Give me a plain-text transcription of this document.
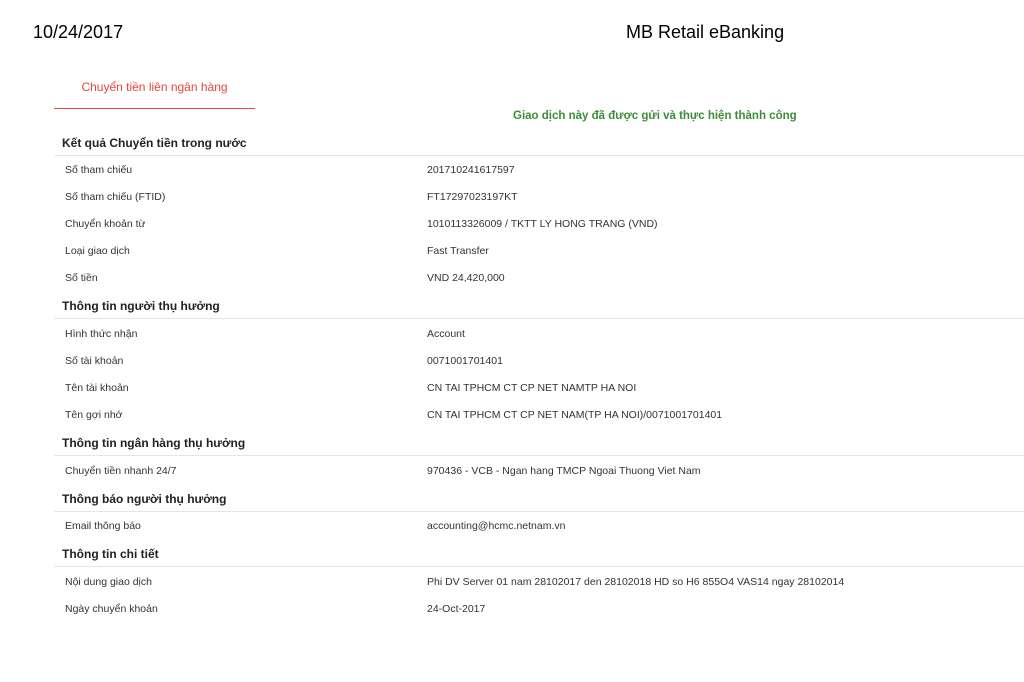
10/24/2017	MB Retail eBanking
Chuyển tiền liên ngân hàng
Giao dịch này đã được gửi và thực hiện thành công
Kết quả Chuyển tiền trong nước
Số tham chiếu	201710241617597
Số tham chiếu (FTID)	FT17297023197KT
Chuyển khoản từ	1010113326009 / TKTT LY HONG TRANG (VND)
Loại giao dịch	Fast Transfer
Số tiền	VND 24,420,000
Thông tin người thụ hưởng
Hình thức nhận	Account
Số tài khoản	0071001701401
Tên tài khoản	CN TAI TPHCM CT CP NET NAMTP HA NOI
Tên gợi nhớ	CN TAI TPHCM CT CP NET NAM(TP HA NOI)/0071001701401
Thông tin ngân hàng thụ hưởng
Chuyển tiền nhanh 24/7	970436 - VCB - Ngan hang TMCP Ngoai Thuong Viet Nam
Thông báo người thụ hưởng
Email thông báo	accounting@hcmc.netnam.vn
Thông tin chi tiết
Nội dung giao dịch	Phi DV Server 01 nam 28102017 den 28102018 HD so H6 855O4 VAS14 ngay 28102014
Ngày chuyển khoản	24-Oct-2017
